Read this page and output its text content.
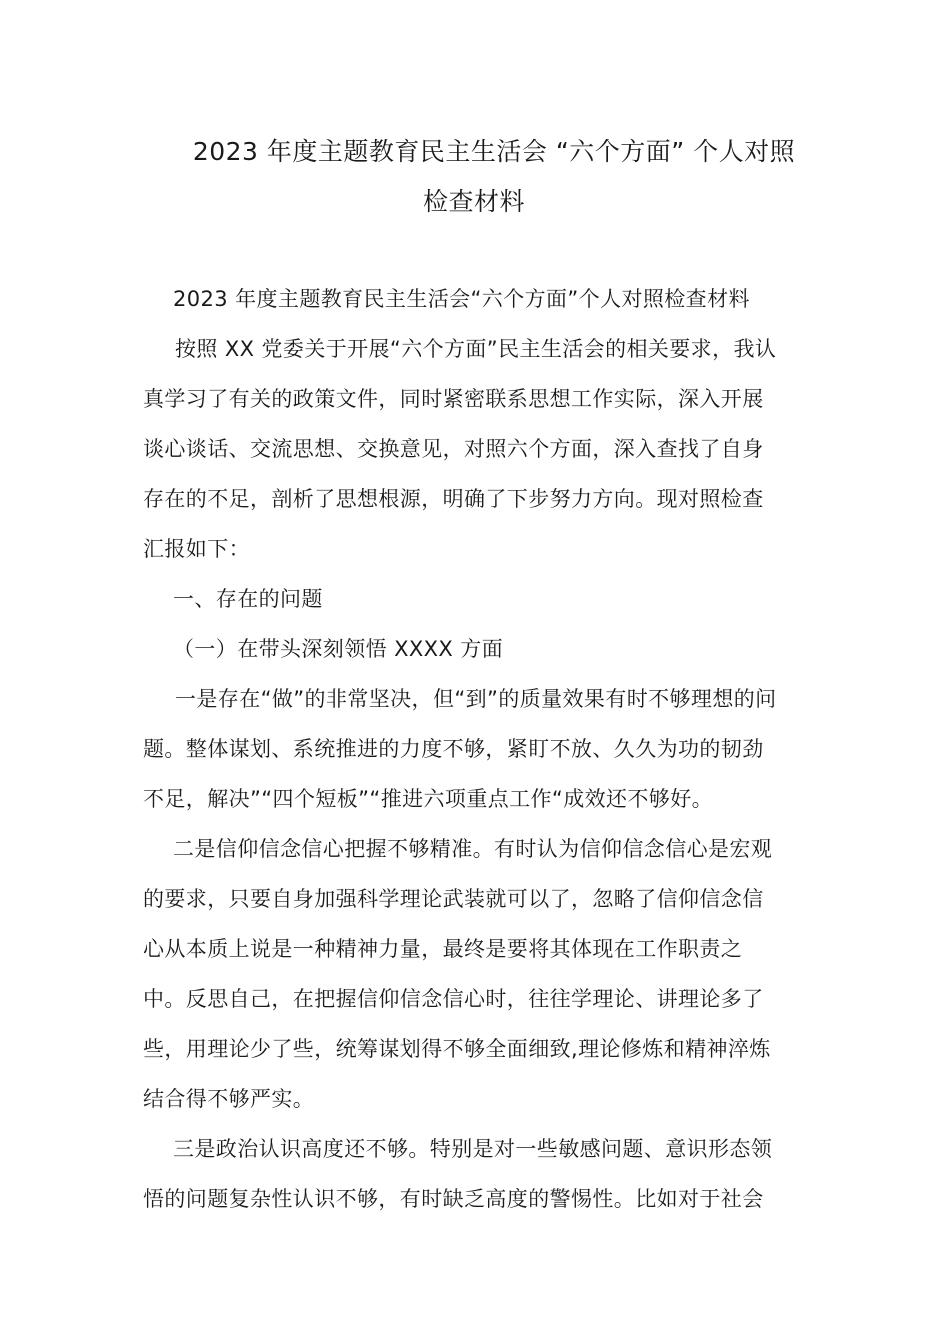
2023 年度主题教育民主生活会 “六个方面” 个人对照
检查材料
2023 年度主题教育民主生活会“六个方面”个人对照检查材料
按照 XX 党委关于开展“六个方面”民主生活会的相关要求，我认
真学习了有关的政策文件，同时紧密联系思想工作实际，深入开展
谈心谈话、交流思想、交换意见，对照六个方面，深入查找了自身
存在的不足，剖析了思想根源，明确了下步努力方向。现对照检查
汇报如下：
一、存在的问题
（一）在带头深刻领悟 XXXX 方面
一是存在“做”的非常坚决，但“到”的质量效果有时不够理想的问
题。整体谋划、系统推进的力度不够，紧盯不放、久久为功的韧劲
不足，解决”“四个短板”“推进六项重点工作“成效还不够好。
二是信仰信念信心把握不够精准。有时认为信仰信念信心是宏观
的要求，只要自身加强科学理论武装就可以了，忽略了信仰信念信
心从本质上说是一种精神力量，最终是要将其体现在工作职责之
中。反思自己，在把握信仰信念信心时，往往学理论、讲理论多了
些，用理论少了些，统筹谋划得不够全面细致,理论修炼和精神淬炼
结合得不够严实。
三是政治认识高度还不够。特别是对一些敏感问题、意识形态领
悟的问题复杂性认识不够，有时缺乏高度的警惕性。比如对于社会
